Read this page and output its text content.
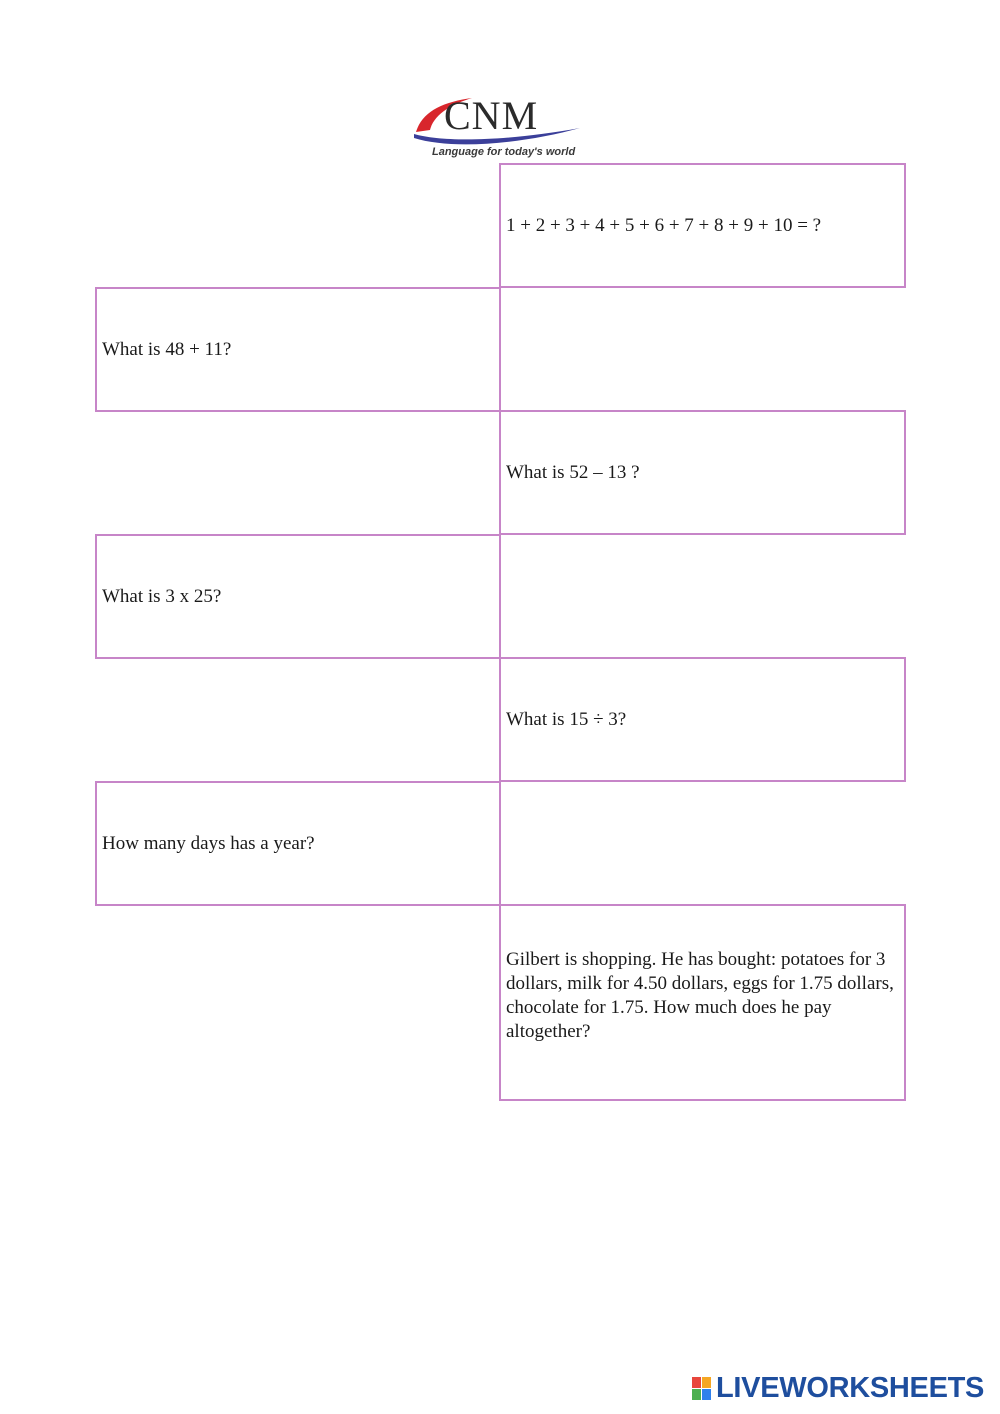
CNM
Language for today's world
1 + 2 + 3 + 4 + 5 + 6 + 7 + 8 + 9 + 10 = ?
What is 48 + 11?
What is 52 – 13 ?
What is 3 x 25?
What is 15 ÷ 3?
How many days has a year?
Gilbert is shopping. He has bought: potatoes for 3 dollars, milk for 4.50 dollars, eggs for 1.75 dollars, chocolate for 1.75. How much does he pay altogether?
LIVEWORKSHEETS
